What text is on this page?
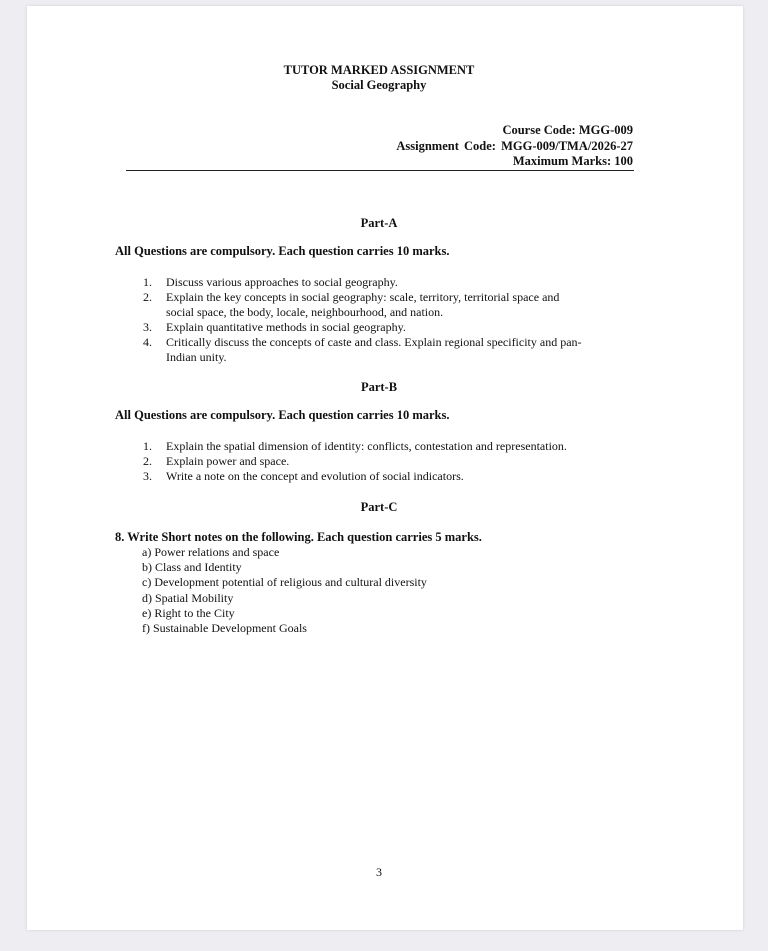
TUTOR MARKED ASSIGNMENT
Social Geography
Course Code: MGG-009
Assignment Code: MGG-009/TMA/2026-27
Maximum Marks: 100
Part-A
All Questions are compulsory. Each question carries 10 marks.
1. Discuss various approaches to social geography.
2. Explain the key concepts in social geography: scale, territory, territorial space and
social space, the body, locale, neighbourhood, and nation.
3. Explain quantitative methods in social geography.
4. Critically discuss the concepts of caste and class. Explain regional specificity and pan-
Indian unity.
Part-B
All Questions are compulsory. Each question carries 10 marks.
1. Explain the spatial dimension of identity: conflicts, contestation and representation.
2. Explain power and space.
3. Write a note on the concept and evolution of social indicators.
Part-C
8. Write Short notes on the following. Each question carries 5 marks.
a) Power relations and space
b) Class and Identity
c) Development potential of religious and cultural diversity
d) Spatial Mobility
e) Right to the City
f) Sustainable Development Goals
3
